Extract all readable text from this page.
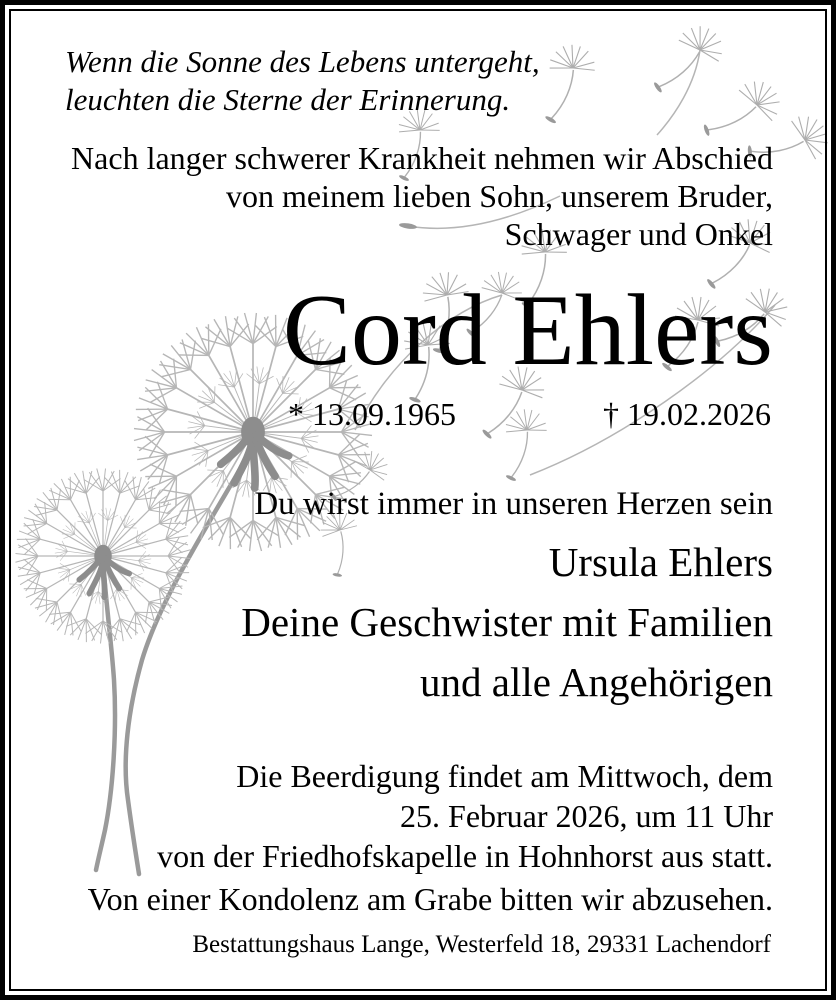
Wenn die Sonne des Lebens untergeht,
leuchten die Sterne der Erinnerung.
Nach langer schwerer Krankheit nehmen wir Abschied
von meinem lieben Sohn, unserem Bruder,
Schwager und Onkel
Cord Ehlers
* 13.09.1965	† 19.02.2026
Du wirst immer in unseren Herzen sein
Ursula Ehlers
Deine Geschwister mit Familien
und alle Angehörigen
Die Beerdigung findet am Mittwoch, dem
25. Februar 2026, um 11 Uhr
von der Friedhofskapelle in Hohnhorst aus statt.
Von einer Kondolenz am Grabe bitten wir abzusehen.
Bestattungshaus Lange, Westerfeld 18, 29331 Lachendorf
